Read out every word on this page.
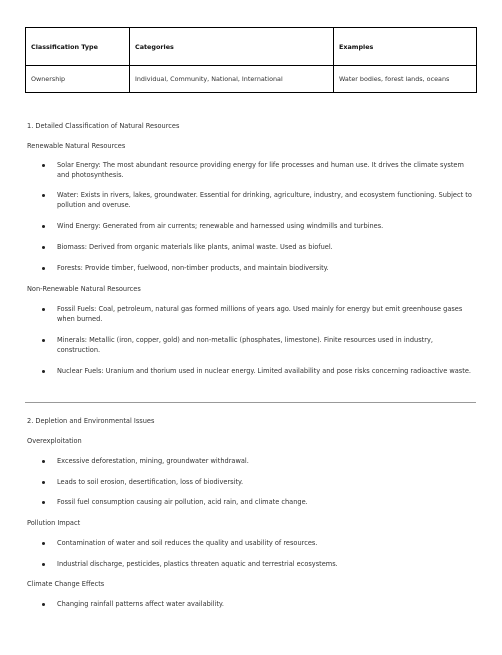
Classification Type	Categories	Examples
Ownership	Individual, Community, National, International	Water bodies, forest lands, oceans
1. Detailed Classification of Natural Resources
Renewable Natural Resources
Solar Energy: The most abundant resource providing energy for life processes and human use. It drives the climate system and photosynthesis.
Water: Exists in rivers, lakes, groundwater. Essential for drinking, agriculture, industry, and ecosystem functioning. Subject to pollution and overuse.
Wind Energy: Generated from air currents; renewable and harnessed using windmills and turbines.
Biomass: Derived from organic materials like plants, animal waste. Used as biofuel.
Forests: Provide timber, fuelwood, non-timber products, and maintain biodiversity.
Non-Renewable Natural Resources
Fossil Fuels: Coal, petroleum, natural gas formed millions of years ago. Used mainly for energy but emit greenhouse gases when burned.
Minerals: Metallic (iron, copper, gold) and non-metallic (phosphates, limestone). Finite resources used in industry, construction.
Nuclear Fuels: Uranium and thorium used in nuclear energy. Limited availability and pose risks concerning radioactive waste.
2. Depletion and Environmental Issues
Overexploitation
Excessive deforestation, mining, groundwater withdrawal.
Leads to soil erosion, desertification, loss of biodiversity.
Fossil fuel consumption causing air pollution, acid rain, and climate change.
Pollution Impact
Contamination of water and soil reduces the quality and usability of resources.
Industrial discharge, pesticides, plastics threaten aquatic and terrestrial ecosystems.
Climate Change Effects
Changing rainfall patterns affect water availability.
